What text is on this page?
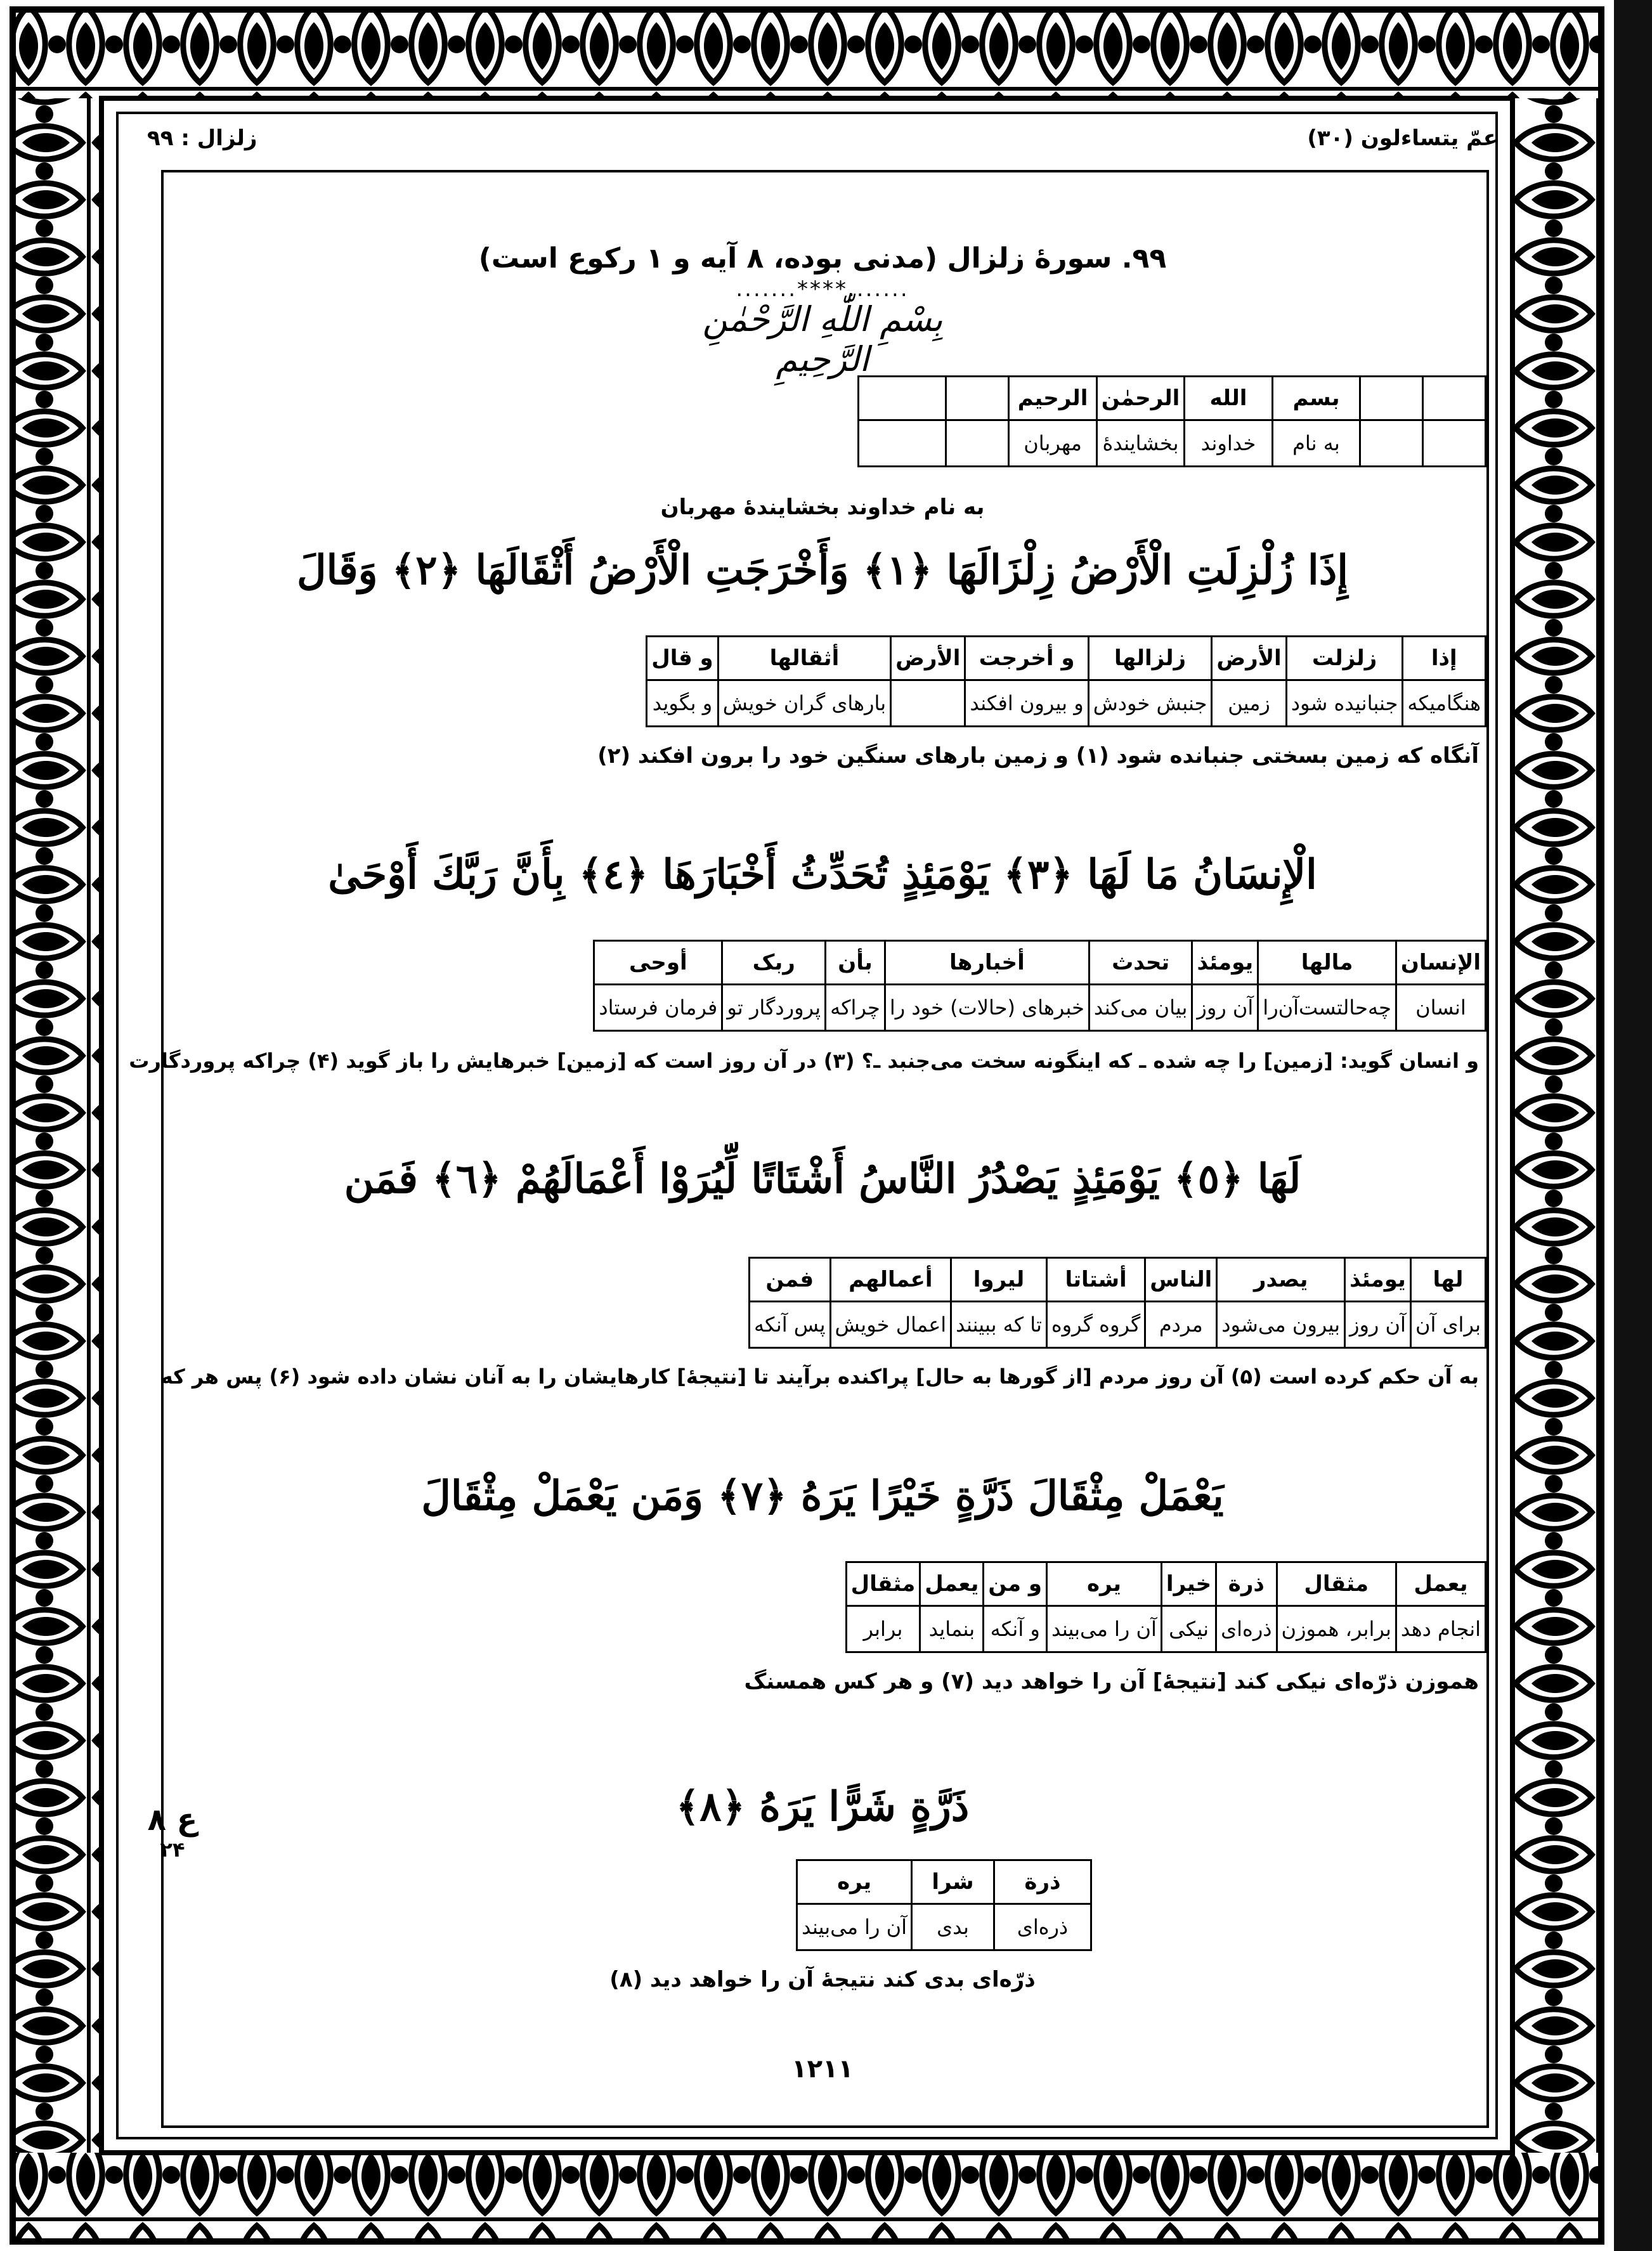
عمّ یتساءلون (۳۰)
زلزال : ۹۹
۹۹. سورهٔ زلزال (مدنی بوده، ۸ آیه و ۱ رکوع است)
.......****.......
بِسْمِ اللّٰهِ الرَّحْمٰنِ الرَّحِيمِ
		بسم	الله	الرحمٰن	الرحیم		
		به نام	خداوند	بخشایندهٔ	مهربان		
به نام خداوند بخشایندهٔ مهربان
إِذَا زُلْزِلَتِ الْأَرْضُ زِلْزَالَهَا ﴿١﴾ وَأَخْرَجَتِ الْأَرْضُ أَثْقَالَهَا ﴿٢﴾ وَقَالَ
إذا	زلزلت	الأرض	زلزالها	و أخرجت	الأرض	أثقالها	و قال
هنگامیکه	جنبانیده شود	زمین	جنبش خودش	و بیرون افکند		بارهای گران خویش	و بگوید
آنگاه که زمین بسختی جنبانده شود (۱) و زمین بارهای سنگین خود را برون افکند (۲)
الْإِنسَانُ مَا لَهَا ﴿٣﴾ يَوْمَئِذٍ تُحَدِّثُ أَخْبَارَهَا ﴿٤﴾ بِأَنَّ رَبَّكَ أَوْحَىٰ
الإنسان	مالها	یومئذ	تحدث	أخبارها	بأن	ربک	أوحى
انسان	چه‌حالتست‌آن‌را	آن روز	بیان می‌کند	خبرهای (حالات) خود را	چراکه	پروردگار تو	فرمان فرستاد
و انسان گوید: [زمین] را چه شده ـ که اینگونه سخت می‌جنبد ـ؟ (۳) در آن روز است که [زمین] خبرهایش را باز گوید (۴) چراکه پروردگارت
لَهَا ﴿٥﴾ يَوْمَئِذٍ يَصْدُرُ النَّاسُ أَشْتَاتًا لِّيُرَوْا أَعْمَالَهُمْ ﴿٦﴾ فَمَن
لها	یومئذ	یصدر	الناس	أشتاتا	لیروا	أعمالهم	فمن
برای آن	آن روز	بیرون می‌شود	مردم	گروه گروه	تا که ببینند	اعمال خویش	پس آنکه
به آن حکم کرده است (۵) آن روز مردم [از گورها به حال] پراکنده برآیند تا [نتیجهٔ] کارهایشان را به آنان نشان داده شود (۶) پس هر که
يَعْمَلْ مِثْقَالَ ذَرَّةٍ خَيْرًا يَرَهُ ﴿٧﴾ وَمَن يَعْمَلْ مِثْقَالَ
یعمل	مثقال	ذرة	خیرا	یره	و من	یعمل	مثقال
انجام دهد	برابر، هموزن	ذره‌ای	نیکی	آن را می‌بیند	و آنکه	بنماید	برابر
هموزن ذرّه‌ای نیکی کند [نتیجهٔ] آن را خواهد دید (۷) و هر کس همسنگ
ذَرَّةٍ شَرًّا يَرَهُ ﴿٨﴾
ذرة	شرا	یره
ذره‌ای	بدی	آن را می‌بیند
ذرّه‌ای بدی کند نتیجهٔ آن را خواهد دید (۸)
ع ۸
۲۴
۱۲۱۱
